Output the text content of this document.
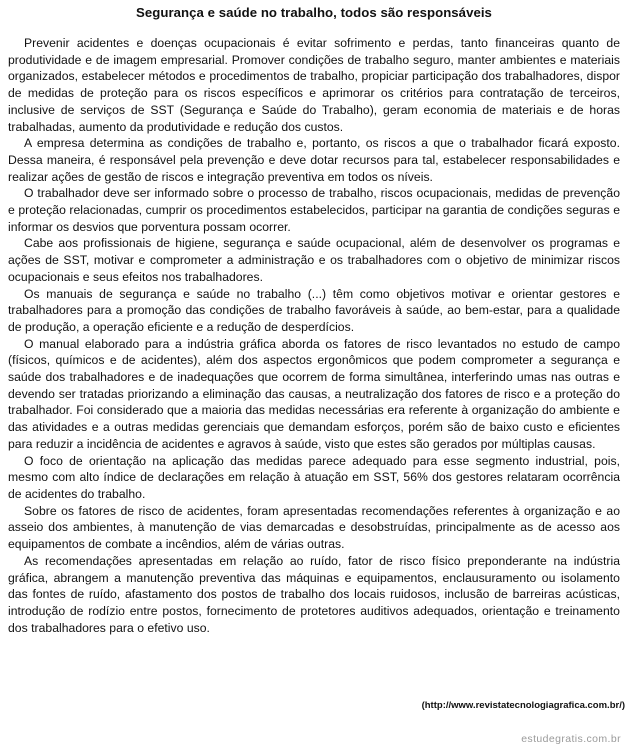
Segurança e saúde no trabalho, todos são responsáveis

Prevenir acidentes e doenças ocupacionais é evitar sofrimento e perdas, tanto financeiras quanto de produtividade e de imagem empresarial. Promover condições de trabalho seguro, manter ambientes e materiais organizados, estabelecer métodos e procedimentos de trabalho, propiciar participação dos trabalhadores, dispor de medidas de proteção para os riscos específicos e aprimorar os critérios para contratação de terceiros, inclusive de serviços de SST (Segurança e Saúde do Trabalho), geram economia de materiais e de horas trabalhadas, aumento da produtividade e redução dos custos.

A empresa determina as condições de trabalho e, portanto, os riscos a que o trabalhador ficará exposto. Dessa maneira, é responsável pela prevenção e deve dotar recursos para tal, estabelecer responsabilidades e realizar ações de gestão de riscos e integração preventiva em todos os níveis.

O trabalhador deve ser informado sobre o processo de trabalho, riscos ocupacionais, medidas de prevenção e proteção relacionadas, cumprir os procedimentos estabelecidos, participar na garantia de condições seguras e informar os desvios que porventura possam ocorrer.

Cabe aos profissionais de higiene, segurança e saúde ocupacional, além de desenvolver os programas e ações de SST, motivar e comprometer a administração e os trabalhadores com o objetivo de minimizar riscos ocupacionais e seus efeitos nos trabalhadores.

Os manuais de segurança e saúde no trabalho (...) têm como objetivos motivar e orientar gestores e trabalhadores para a promoção das condições de trabalho favoráveis à saúde, ao bem-estar, para a qualidade de produção, a operação eficiente e a redução de desperdícios.

O manual elaborado para a indústria gráfica aborda os fatores de risco levantados no estudo de campo (físicos, químicos e de acidentes), além dos aspectos ergonômicos que podem comprometer a segurança e saúde dos trabalhadores e de inadequações que ocorrem de forma simultânea, interferindo umas nas outras e devendo ser tratadas priorizando a eliminação das causas, a neutralização dos fatores de risco e a proteção do trabalhador. Foi considerado que a maioria das medidas necessárias era referente à organização do ambiente e das atividades e a outras medidas gerenciais que demandam esforços, porém são de baixo custo e eficientes para reduzir a incidência de acidentes e agravos à saúde, visto que estes são gerados por múltiplas causas.

O foco de orientação na aplicação das medidas parece adequado para esse segmento industrial, pois, mesmo com alto índice de declarações em relação à atuação em SST, 56% dos gestores relataram ocorrência de acidentes do trabalho.

Sobre os fatores de risco de acidentes, foram apresentadas recomendações referentes à organização e ao asseio dos ambientes, à manutenção de vias demarcadas e desobstruídas, principalmente as de acesso aos equipamentos de combate a incêndios, além de várias outras.

As recomendações apresentadas em relação ao ruído, fator de risco físico preponderante na indústria gráfica, abrangem a manutenção preventiva das máquinas e equipamentos, enclausuramento ou isolamento das fontes de ruído, afastamento dos postos de trabalho dos locais ruidosos, inclusão de barreiras acústicas, introdução de rodízio entre postos, fornecimento de protetores auditivos adequados, orientação e treinamento dos trabalhadores para o efetivo uso.

(http://www.revistatecnologiagrafica.com.br/)
estudegratis.com.br
